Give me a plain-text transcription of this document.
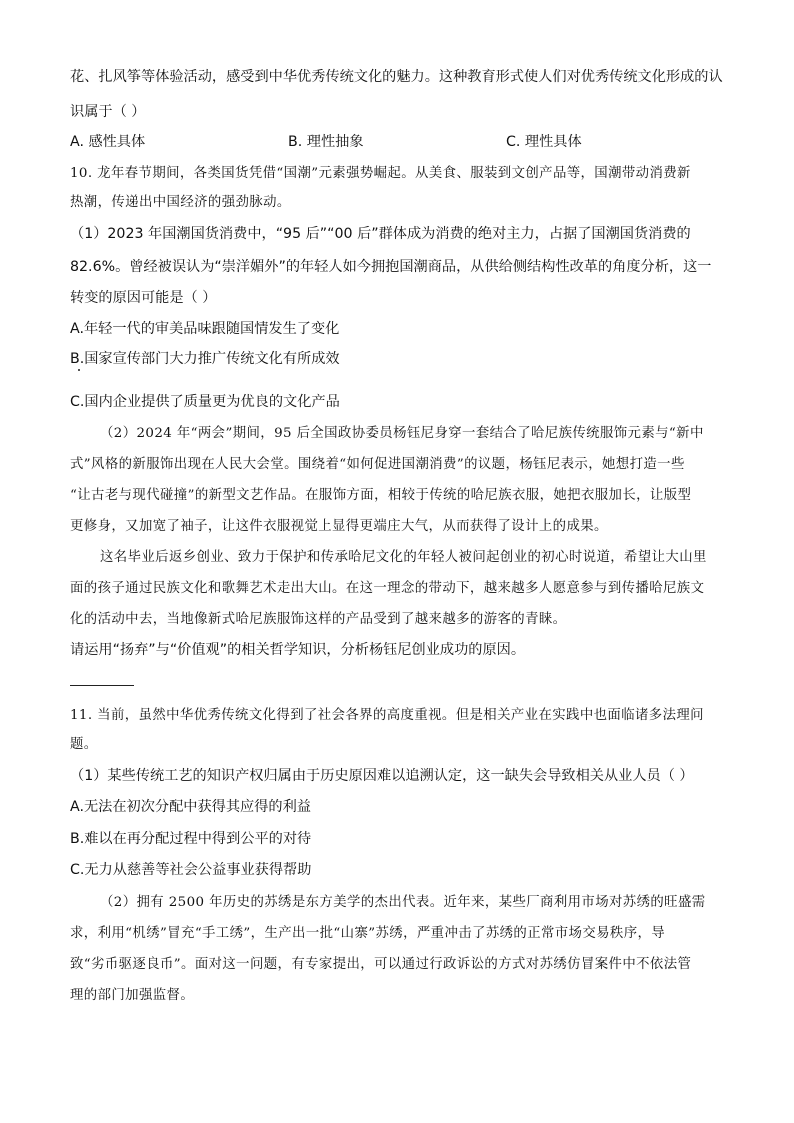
花、扎风筝等体验活动，感受到中华优秀传统文化的魅力。这种教育形式使人们对优秀传统文化形成的认
识属于（ ）
A. 感性具体	B. 理性抽象	C. 理性具体
10. 龙年春节期间，各类国货凭借“国潮”元素强势崛起。从美食、服装到文创产品等，国潮带动消费新
热潮，传递出中国经济的强劲脉动。
（1）2023 年国潮国货消费中，“95 后”“00 后”群体成为消费的绝对主力，占据了国潮国货消费的
82.6%。曾经被误认为“崇洋媚外”的年轻人如今拥抱国潮商品，从供给侧结构性改革的角度分析，这一
转变的原因可能是（ ）
A.年轻一代的审美品味跟随国情发生了变化
B.国家宣传部门大力推广传统文化有所成效
C.国内企业提供了质量更为优良的文化产品
（2）2024 年“两会”期间，95 后全国政协委员杨钰尼身穿一套结合了哈尼族传统服饰元素与“新中
式”风格的新服饰出现在人民大会堂。围绕着“如何促进国潮消费”的议题，杨钰尼表示，她想打造一些
“让古老与现代碰撞”的新型文艺作品。在服饰方面，相较于传统的哈尼族衣服，她把衣服加长，让版型
更修身，又加宽了袖子，让这件衣服视觉上显得更端庄大气，从而获得了设计上的成果。
这名毕业后返乡创业、致力于保护和传承哈尼文化的年轻人被问起创业的初心时说道，希望让大山里
面的孩子通过民族文化和歌舞艺术走出大山。在这一理念的带动下，越来越多人愿意参与到传播哈尼族文
化的活动中去，当地像新式哈尼族服饰这样的产品受到了越来越多的游客的青睐。
请运用“扬弃”与“价值观”的相关哲学知识，分析杨钰尼创业成功的原因。
11. 当前，虽然中华优秀传统文化得到了社会各界的高度重视。但是相关产业在实践中也面临诸多法理问
题。
（1）某些传统工艺的知识产权归属由于历史原因难以追溯认定，这一缺失会导致相关从业人员（ ）
A.无法在初次分配中获得其应得的利益
B.难以在再分配过程中得到公平的对待
C.无力从慈善等社会公益事业获得帮助
（2）拥有 2500 年历史的苏绣是东方美学的杰出代表。近年来，某些厂商利用市场对苏绣的旺盛需
求，利用“机绣”冒充“手工绣”，生产出一批“山寨”苏绣，严重冲击了苏绣的正常市场交易秩序，导
致“劣币驱逐良币”。面对这一问题，有专家提出，可以通过行政诉讼的方式对苏绣仿冒案件中不依法管
理的部门加强监督。
